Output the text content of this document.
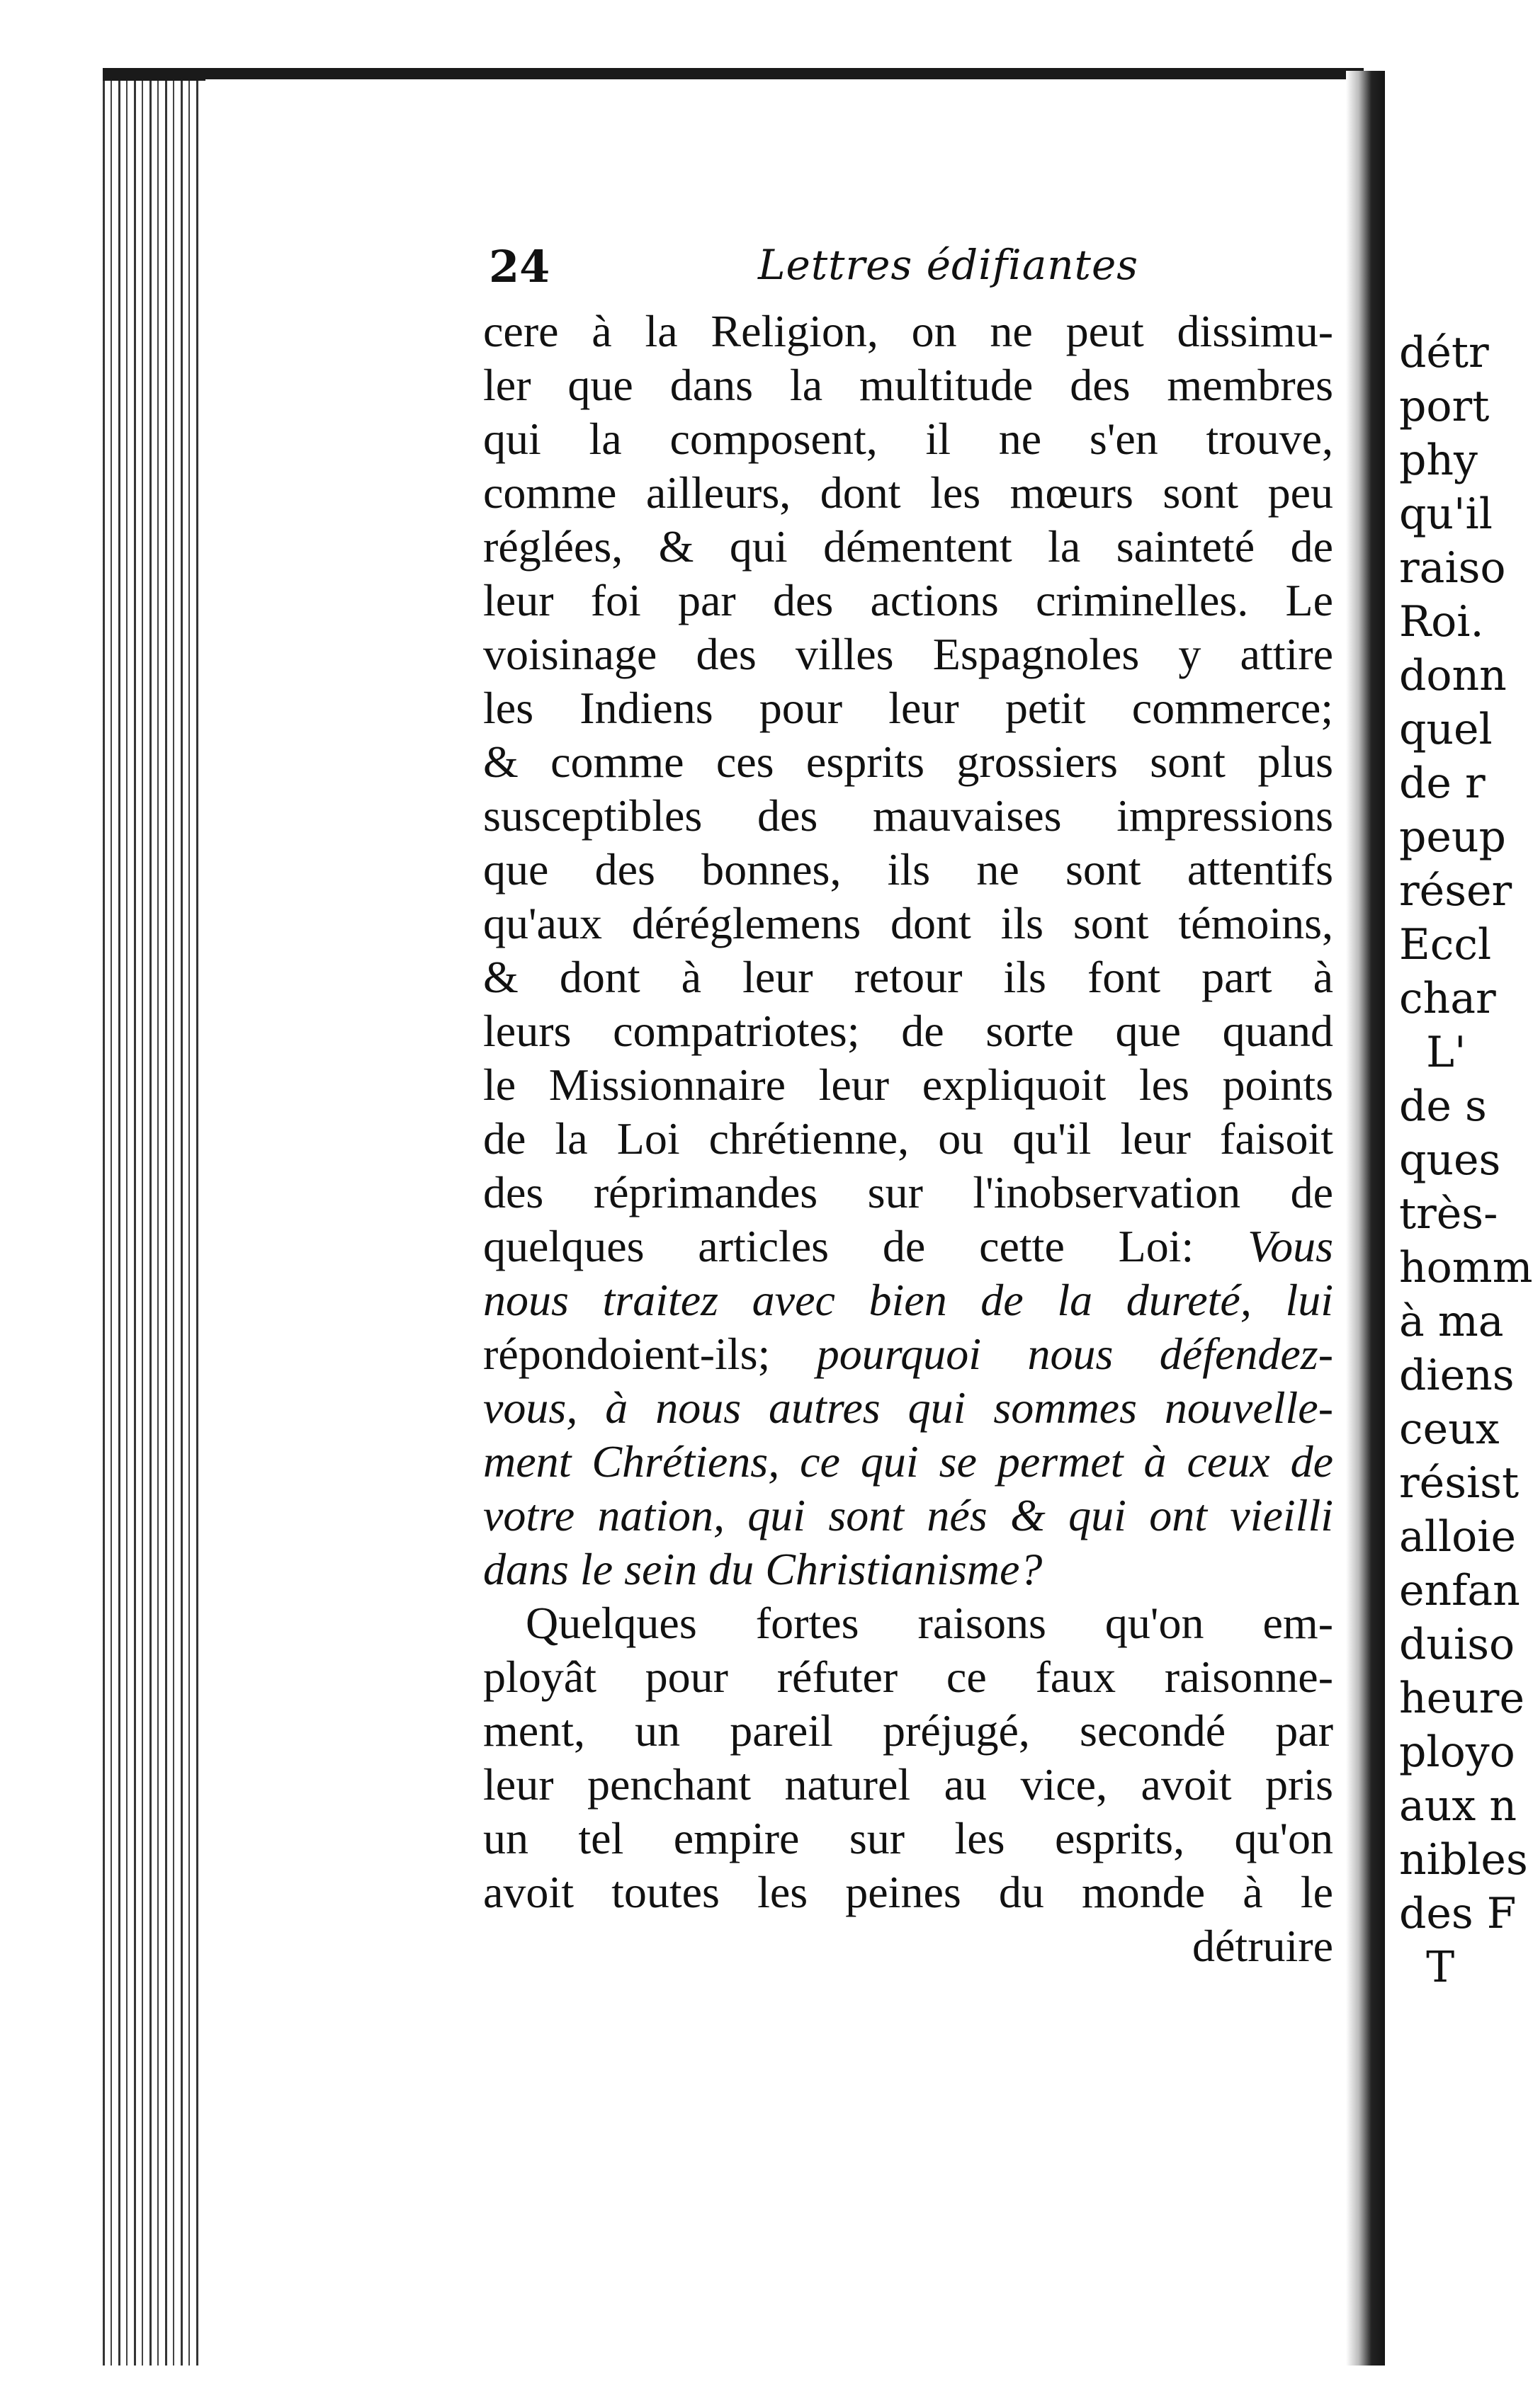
détr
port
phy
qu'il
raiso
Roi.
donn
quel
de r
peup
réser
Eccl
char
L'
de s
ques
très-
homm
à ma
diens
ceux
résist
alloie
enfan
duiso
heure
ployo
aux n
nibles
des F
T
24	Lettres édifiantes
cere à la Religion, on ne peut dissimu-
ler que dans la multitude des membres
qui la composent, il ne s'en trouve,
comme ailleurs, dont les mœurs sont peu
réglées, & qui démentent la sainteté de
leur foi par des actions criminelles. Le
voisinage des villes Espagnoles y attire
les Indiens pour leur petit commerce;
& comme ces esprits grossiers sont plus
susceptibles des mauvaises impressions
que des bonnes, ils ne sont attentifs
qu'aux déréglemens dont ils sont témoins,
& dont à leur retour ils font part à
leurs compatriotes; de sorte que quand
le Missionnaire leur expliquoit les points
de la Loi chrétienne, ou qu'il leur faisoit
des réprimandes sur l'inobservation de
quelques articles de cette Loi: Vous
nous traitez avec bien de la dureté, lui
répondoient-ils; pourquoi nous défendez-
vous, à nous autres qui sommes nouvelle-
ment Chrétiens, ce qui se permet à ceux de
votre nation, qui sont nés & qui ont vieilli
dans le sein du Christianisme?
Quelques fortes raisons qu'on em-
ployât pour réfuter ce faux raisonne-
ment, un pareil préjugé, secondé par
leur penchant naturel au vice, avoit pris
un tel empire sur les esprits, qu'on
avoit toutes les peines du monde à le
détruire
